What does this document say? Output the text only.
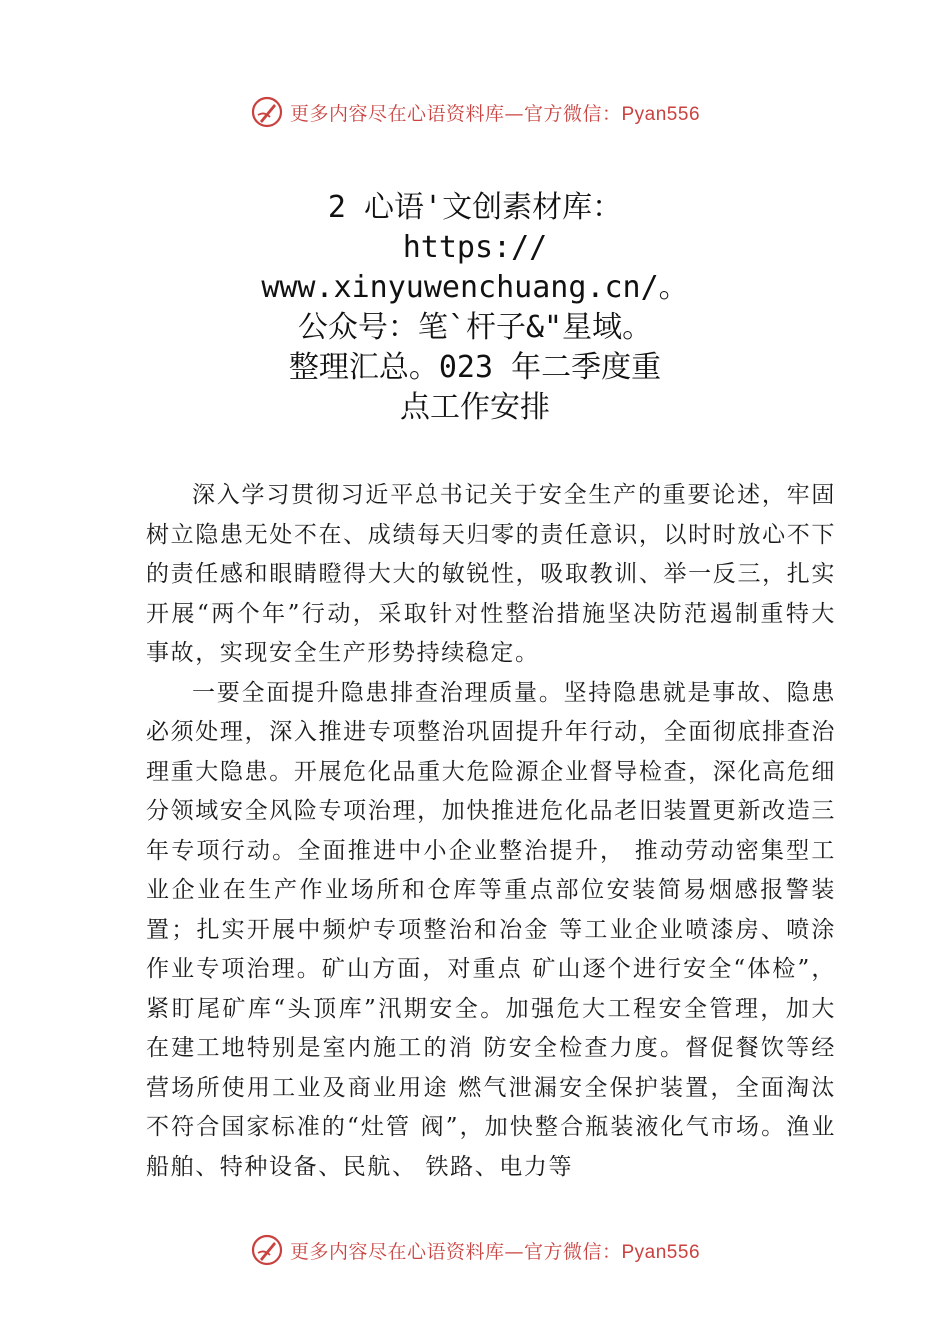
更多内容尽在心语资料库—官方微信：Pyan556
2 心语'文创素材库：
https://
www.xinyuwenchuang.cn/。
公众号：笔`杆子&"星域。
整理汇总。023 年二季度重
点工作安排

深入学习贯彻习近平总书记关于安全生产的重要论述，牢固树立隐患无处不在、成绩每天归零的责任意识，以时时放心不下的责任感和眼睛瞪得大大的敏锐性，吸取教训、举一反三，扎实开展“两个年”行动，采取针对性整治措施坚决防范遏制重特大事故，实现安全生产形势持续稳定。

一要全面提升隐患排查治理质量。坚持隐患就是事故、隐患必须处理，深入推进专项整治巩固提升年行动，全面彻底排查治理重大隐患。开展危化品重大危险源企业督导检查，深化高危细分领域安全风险专项治理，加快推进危化品老旧装置更新改造三年专项行动。全面推进中小企业整治提升， 推动劳动密集型工业企业在生产作业场所和仓库等重点部位安装简易烟感报警装置；扎实开展中频炉专项整治和冶金 等工业企业喷漆房、喷涂作业专项治理。矿山方面，对重点 矿山逐个进行安全“体检”，紧盯尾矿库“头顶库”汛期安全。加强危大工程安全管理，加大在建工地特别是室内施工的消 防安全检查力度。督促餐饮等经营场所使用工业及商业用途 燃气泄漏安全保护装置，全面淘汰不符合国家标准的“灶管 阀”，加快整合瓶装液化气市场。渔业船舶、特种设备、民航、 铁路、电力等

更多内容尽在心语资料库—官方微信：Pyan556
